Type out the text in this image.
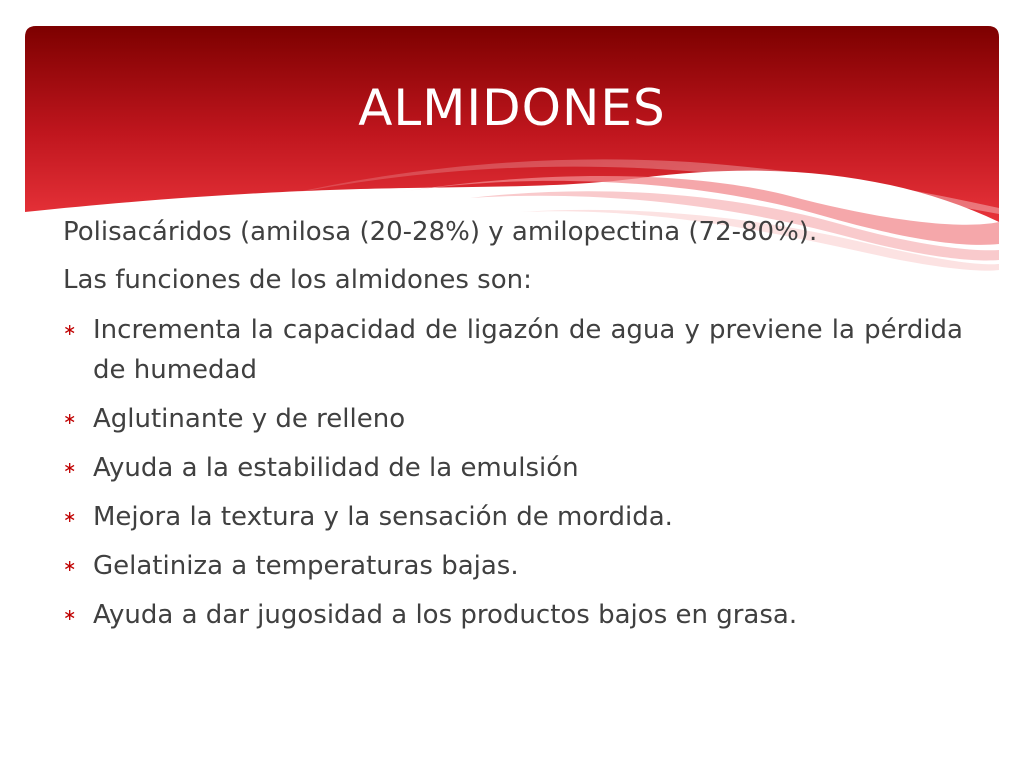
ALMIDONES

Polisacáridos (amilosa (20-28%) y amilopectina (72-80%).

Las funciones de los almidones son:

∗ Incrementa la capacidad de ligazón de agua y previene la pérdida de humedad
∗ Aglutinante y de relleno
∗ Ayuda a la estabilidad de la emulsión
∗ Mejora la textura y la sensación de mordida.
∗ Gelatiniza a temperaturas bajas.
∗ Ayuda a dar jugosidad a los productos bajos en grasa.
